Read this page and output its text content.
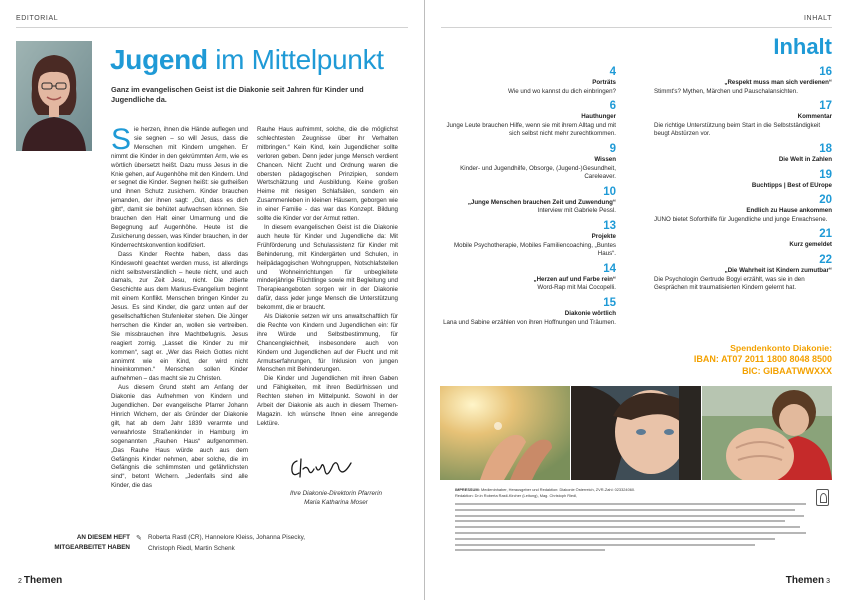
EDITORIAL
Jugend im Mittelpunkt
Ganz im evangelischen Geist ist die Diakonie seit Jahren für Kinder und Jugendliche da.

Sie herzen, ihnen die Hände auflegen und sie segnen – so will Jesus, dass die Menschen mit Kindern umgehen. Er nimmt die Kinder in den gekrümmten Arm, wie es wörtlich übersetzt heißt. Dazu muss Jesus in die Knie gehen, auf Augenhöhe mit den Kindern. Und er segnet die Kinder. Segnen heißt: sie gutheißen und ihnen Schutz zusichern. Kinder brauchen jemanden, der ihnen sagt: „Gut, dass es dich gibt“, damit sie behütet aufwachsen können. Sie brauchen den Halt einer Umarmung und die Begegnung auf Augenhöhe. Heute ist die Zusicherung dessen, was Kinder brauchen, in der Kinderrechtskonvention kodifiziert.

Dass Kinder Rechte haben, dass das Kindeswohl geachtet werden muss, ist allerdings nicht selbstverständlich – heute nicht, und auch damals, zur Zeit Jesu, nicht. Die zitierte Geschichte aus dem Markus-Evangelium beginnt mit einem Konflikt. Menschen bringen Kinder zu Jesus. Es sind Kinder, die ganz unten auf der gesellschaftlichen Stufenleiter stehen. Die Jünger herrschen die Kinder an, wollen sie vertreiben. Sie missbrauchen ihre Machtbefugnis. Jesus reagiert zornig. „Lasset die Kinder zu mir kommen“, sagt er. „Wer das Reich Gottes nicht annimmt wie ein Kind, der wird nicht hineinkommen.“ Menschen sollen Kinder aufnehmen – das macht sie zu Christen.

Aus diesem Grund steht am Anfang der Diakonie das Aufnehmen von Kindern und Jugendlichen. Der evangelische Pfarrer Johann Hinrich Wichern, der als Gründer der Diakonie gilt, hat ab dem Jahr 1839 verarmte und verwahrloste Straßenkinder in Hamburg im sogenannten „Rauhen Haus“ aufgenommen. „Das Rauhe Haus würde auch aus dem Gefängnis Kinder nehmen, aber solche, die im Gefängnis die schlimmsten und gefährlichsten sind“, betont Wichern. „Jedenfalls sind alle Kinder, die das

Rauhe Haus aufnimmt, solche, die die möglichst schlechtesten Zeugnisse über ihr Verhalten mitbringen.“ Kein Kind, kein Jugendlicher sollte verloren geben. Denn jeder junge Mensch verdient Chancen. Nicht Zucht und Ordnung waren die obersten pädagogischen Prinzipien, sondern Wertschätzung und Ausbildung. Keine großen Heime mit riesigen Schlafsälen, sondern ein Zusammenleben in kleinen Häusern, geborgen wie in einer Familie - das war das Konzept. Bildung sollte die Kinder vor der Armut retten.

In diesem evangelischen Geist ist die Diakonie auch heute für Kinder und Jugendliche da: Mit Frühförderung und Schulassistenz für Kinder mit Behinderung, mit Kindergärten und Schulen, in heilpädagogischen Wohngruppen, Notschlafstellen und Wohneinrichtungen für unbegleitete minderjährige Flüchtlinge sowie mit Begleitung und Therapieangeboten sorgen wir in der Diakonie dafür, dass jeder junge Mensch die Unterstützung bekommt, die er braucht.

Als Diakonie setzen wir uns anwaltschaftlich für die Rechte von Kindern und Jugendlichen ein: für ihre Würde und Selbstbestimmung, für Chancengleichheit, insbesondere auch von Kindern und Jugendlichen auf der Flucht und mit Armutserfahrungen, für Inklusion von jungen Menschen mit Behinderungen.

Die Kinder und Jugendlichen mit ihren Gaben und Fähigkeiten, mit ihren Bedürfnissen und Rechten stehen im Mittelpunkt. Sowohl in der Arbeit der Diakonie als auch in diesem Themen-Magazin. Ich wünsche Ihnen eine anregende Lektüre.

Ihre Diakonie-Direktorin Pfarrerin
Maria Katharina Moser
AN DIESEM HEFT MITGEARBEITET HABEN
✎ Roberta Rastl (CR), Hannelore Kleiss, Johanna Pisecky,
Christoph Riedl, Martin Schenk
2 Themen
INHALT
Inhalt
4
Porträts
Wie und wo kannst du dich einbringen?
6
Hauthunger
Junge Leute brauchen Hilfe, wenn sie mit ihrem Alltag und mit sich selbst nicht mehr zurechtkommen.
9
Wissen
Kinder- und Jugendhilfe, Obsorge, (Jugend-)Gesundheit, Careleaver.
10
„Junge Menschen brauchen Zeit und Zuwendung“
Interview mit Gabriele Pessl.
13
Projekte
Mobile Psychotherapie, Mobiles Familiencoaching, „Buntes Haus“.
14
„Herzen auf und Farbe rein“
Word-Rap mit Mai Cocopelli.
15
Diakonie wörtlich
Lana und Sabine erzählen von ihren Hoffnungen und Träumen.
16
„Respekt muss man sich verdienen“
Stimmt's? Mythen, Märchen und Pauschalansichten.
17
Kommentar
Die richtige Unterstützung beim Start in die Selbstständigkeit beugt Abstürzen vor.
18
Die Welt in Zahlen
19
Buchtipps | Best of EUrope
20
Endlich zu Hause ankommen
JUNO bietet Soforthilfe für Jugendliche und junge Erwachsene.
21
Kurz gemeldet
22
„Die Wahrheit ist Kindern zumutbar“
Die Psychologin Gertrude Bogyi erzählt, was sie in den Gesprächen mit traumatisierten Kindern gelernt hat.
Spendenkonto Diakonie:
IBAN: AT07 2011 1800 8048 8500
BIC: GIBAATWWXXX
IMPRESSUM: Medieninhaber, Herausgeber und Redaktion: Diakonie Österreich, ZVR-Zahl: 023324060.
Redaktion: Dr.in Roberta Rastl-Kircher (Leitung), Mag. Christoph Riedl,
Themen 3
